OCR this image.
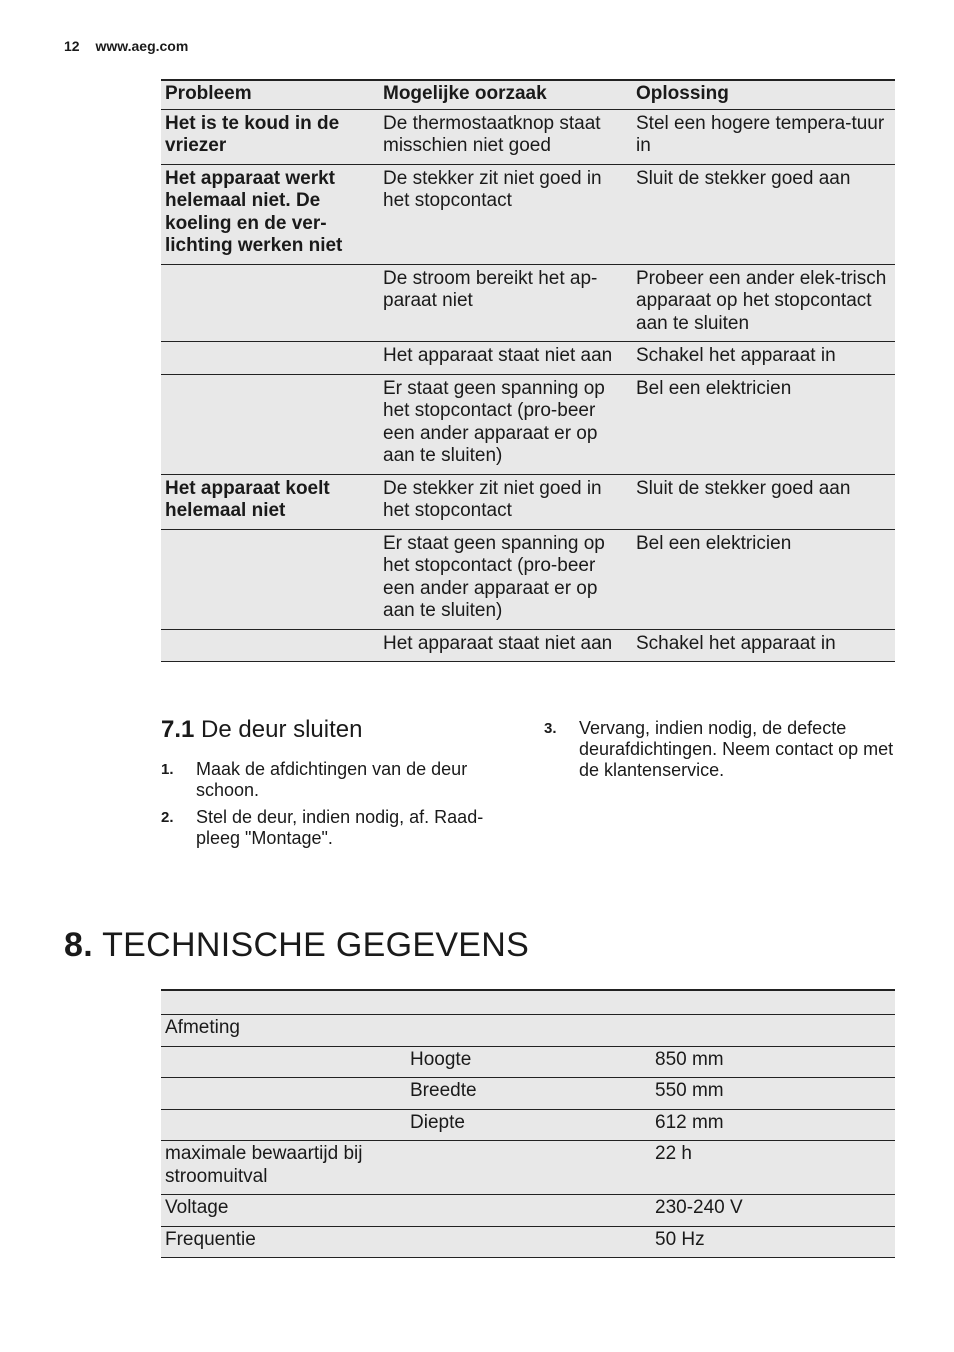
12 www.aeg.com
Probleem	Mogelijke oorzaak	Oplossing
Het is te koud in de vriezer	De thermostaatknop staat misschien niet goed	Stel een hogere tempera-tuur in
Het apparaat werkt helemaal niet. De koeling en de ver-lichting werken niet	De stekker zit niet goed in het stopcontact	Sluit de stekker goed aan
	De stroom bereikt het ap-paraat niet	Probeer een ander elek-trisch apparaat op het stopcontact aan te sluiten
	Het apparaat staat niet aan	Schakel het apparaat in
	Er staat geen spanning op het stopcontact (pro-beer een ander apparaat er op aan te sluiten)	Bel een elektricien
Het apparaat koelt helemaal niet	De stekker zit niet goed in het stopcontact	Sluit de stekker goed aan
	Er staat geen spanning op het stopcontact (pro-beer een ander apparaat er op aan te sluiten)	Bel een elektricien
	Het apparaat staat niet aan	Schakel het apparaat in
7.1 De deur sluiten
1. Maak de afdichtingen van de deur schoon.
2. Stel de deur, indien nodig, af. Raad-pleeg "Montage".
3. Vervang, indien nodig, de defecte deurafdichtingen. Neem contact op met de klantenservice.
8. TECHNISCHE GEGEVENS

Afmeting		
	Hoogte	850 mm
	Breedte	550 mm
	Diepte	612 mm
maximale bewaartijd bij stroomuitval		22 h
Voltage		230-240 V
Frequentie		50 Hz
